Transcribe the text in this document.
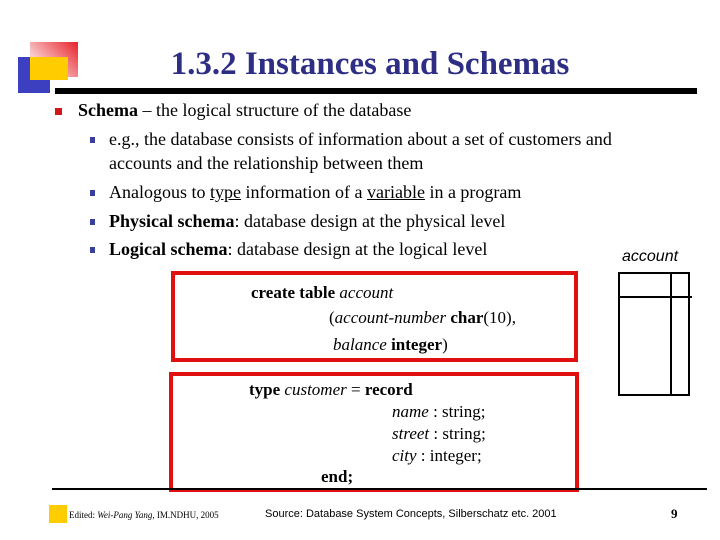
1.3.2 Instances and Schemas
Schema – the logical structure of the database
e.g., the database consists of information about a set of customers and
accounts and the relationship between them
Analogous to type information of a variable in a program
Physical schema: database design at the physical level
Logical schema: database design at the logical level	account
create table account
(account-number char(10),
balance integer)
type customer = record
name : string;
street : string;
city : integer;
end;
Edited: Wei-Pang Yang, IM.NDHU, 2005	Source: Database System Concepts, Silberschatz etc. 2001	9
